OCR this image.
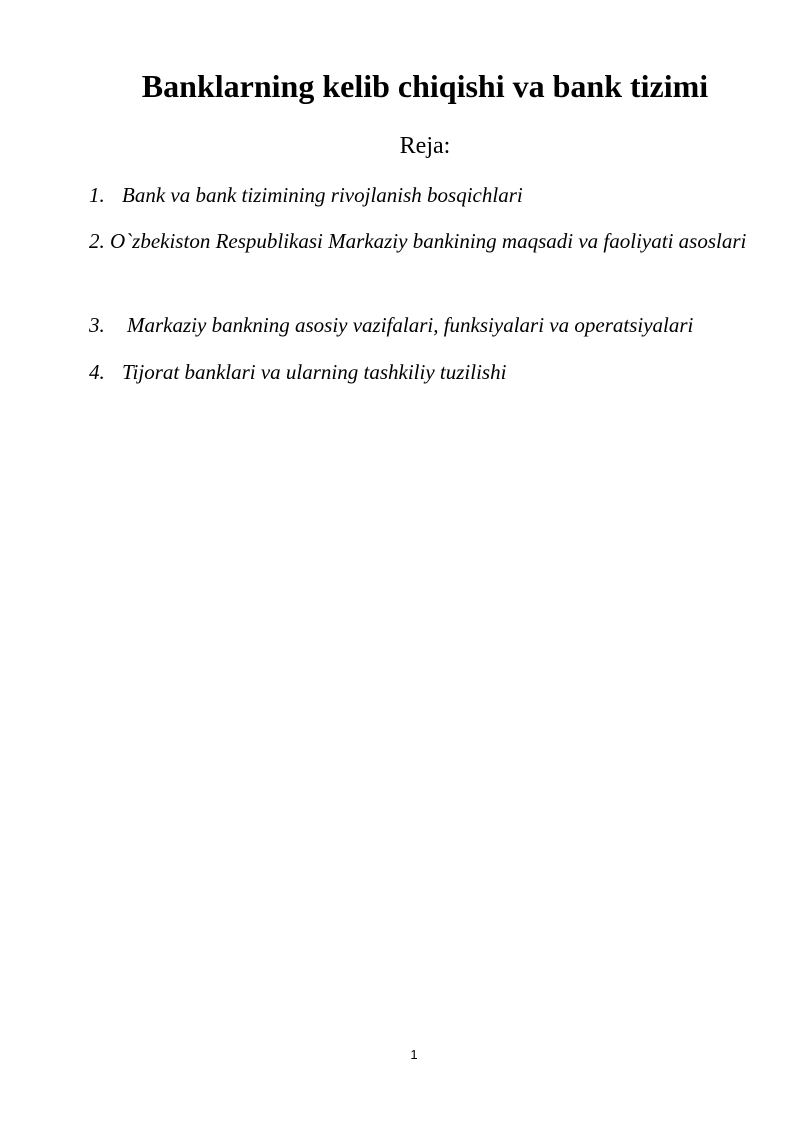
Banklarning kelib chiqishi va bank tizimi
Reja:
1. Bank va bank tizimining rivojlanish bosqichlari
2. O`zbekiston Respublikasi Markaziy bankining maqsadi va faoliyati asoslari
3. Markaziy bankning asosiy vazifalari, funksiyalari va operatsiyalari
4. Tijorat banklari va ularning tashkiliy tuzilishi
1
